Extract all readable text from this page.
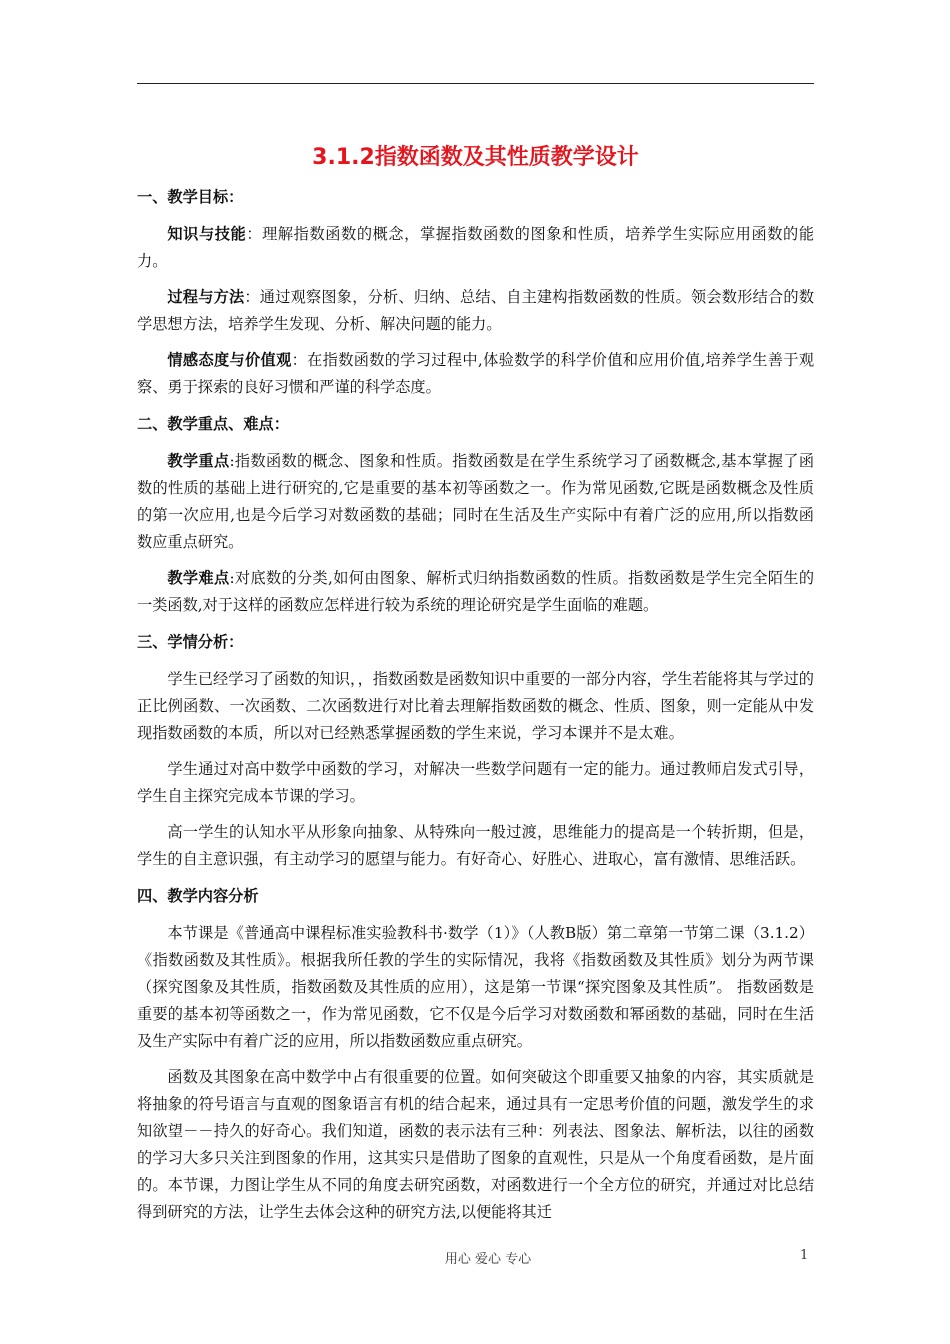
3.1.2指数函数及其性质教学设计
一、教学目标：

知识与技能：理解指数函数的概念，掌握指数函数的图象和性质，培养学生实际应用函数的能力。

过程与方法：通过观察图象，分析、归纳、总结、自主建构指数函数的性质。领会数形结合的数学思想方法，培养学生发现、分析、解决问题的能力。

情感态度与价值观：在指数函数的学习过程中,体验数学的科学价值和应用价值,培养学生善于观察、勇于探索的良好习惯和严谨的科学态度。

二、教学重点、难点：

教学重点:指数函数的概念、图象和性质。指数函数是在学生系统学习了函数概念,基本掌握了函数的性质的基础上进行研究的,它是重要的基本初等函数之一。作为常见函数,它既是函数概念及性质的第一次应用,也是今后学习对数函数的基础；同时在生活及生产实际中有着广泛的应用,所以指数函数应重点研究。

教学难点:对底数的分类,如何由图象、解析式归纳指数函数的性质。指数函数是学生完全陌生的一类函数,对于这样的函数应怎样进行较为系统的理论研究是学生面临的难题。

三、学情分析：

学生已经学习了函数的知识，，指数函数是函数知识中重要的一部分内容，学生若能将其与学过的正比例函数、一次函数、二次函数进行对比着去理解指数函数的概念、性质、图象，则一定能从中发现指数函数的本质，所以对已经熟悉掌握函数的学生来说，学习本课并不是太难。

学生通过对高中数学中函数的学习，对解决一些数学问题有一定的能力。通过教师启发式引导，学生自主探究完成本节课的学习。

高一学生的认知水平从形象向抽象、从特殊向一般过渡，思维能力的提高是一个转折期，但是，学生的自主意识强，有主动学习的愿望与能力。有好奇心、好胜心、进取心，富有激情、思维活跃。

四、教学内容分析

本节课是《普通高中课程标准实验教科书·数学（1）》（人教B版）第二章第一节第二课（3.1.2）《指数函数及其性质》。根据我所任教的学生的实际情况，我将《指数函数及其性质》划分为两节课（探究图象及其性质，指数函数及其性质的应用），这是第一节课“探究图象及其性质”。 指数函数是重要的基本初等函数之一，作为常见函数，它不仅是今后学习对数函数和幂函数的基础，同时在生活及生产实际中有着广泛的应用，所以指数函数应重点研究。

函数及其图象在高中数学中占有很重要的位置。如何突破这个即重要又抽象的内容，其实质就是将抽象的符号语言与直观的图象语言有机的结合起来，通过具有一定思考价值的问题，激发学生的求知欲望－－持久的好奇心。我们知道，函数的表示法有三种：列表法、图象法、解析法，以往的函数的学习大多只关注到图象的作用，这其实只是借助了图象的直观性，只是从一个角度看函数，是片面的。本节课，力图让学生从不同的角度去研究函数，对函数进行一个全方位的研究，并通过对比总结得到研究的方法，让学生去体会这种的研究方法,以便能将其迁

用心 爱心 专心	1
